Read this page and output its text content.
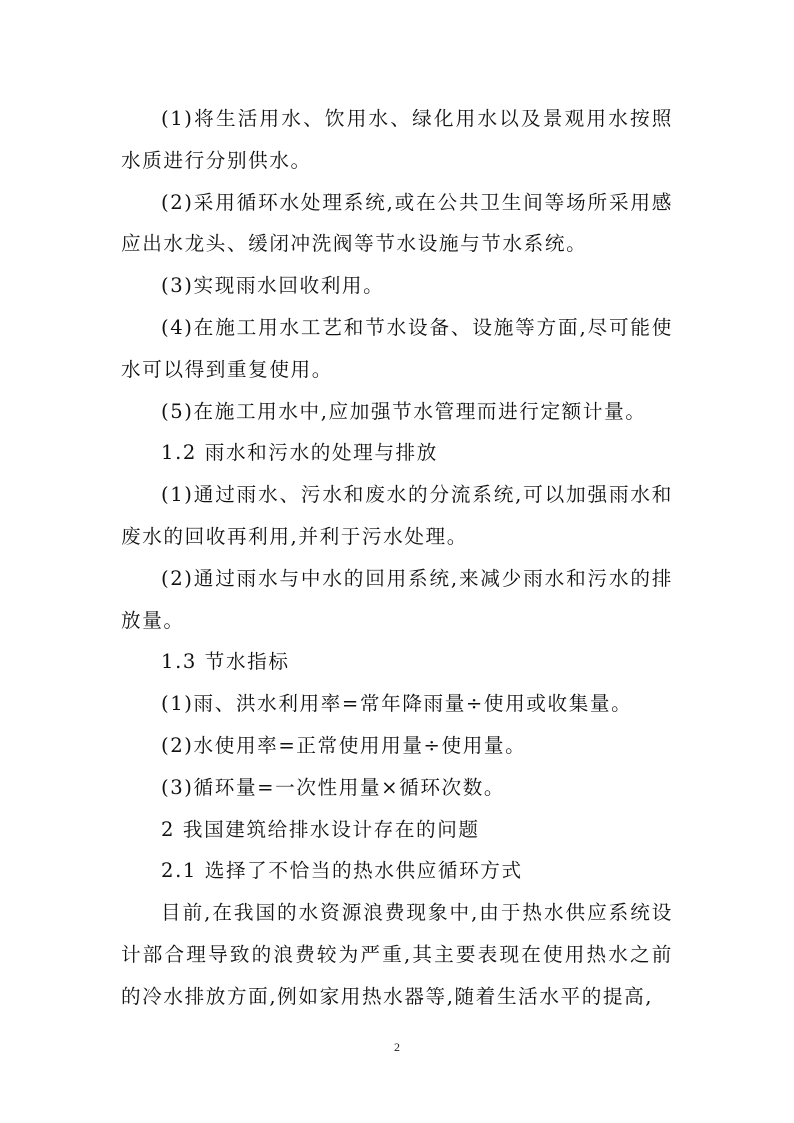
(1)将生活用水、饮用水、绿化用水以及景观用水按照水质进行分别供水。

(2)采用循环水处理系统,或在公共卫生间等场所采用感应出水龙头、缓闭冲洗阀等节水设施与节水系统。

(3)实现雨水回收利用。

(4)在施工用水工艺和节水设备、设施等方面,尽可能使水可以得到重复使用。

(5)在施工用水中,应加强节水管理而进行定额计量。

1.2 雨水和污水的处理与排放

(1)通过雨水、污水和废水的分流系统,可以加强雨水和废水的回收再利用,并利于污水处理。

(2)通过雨水与中水的回用系统,来减少雨水和污水的排放量。

1.3 节水指标

(1)雨、洪水利用率=常年降雨量÷使用或收集量。

(2)水使用率=正常使用用量÷使用量。

(3)循环量=一次性用量×循环次数。

2 我国建筑给排水设计存在的问题

2.1 选择了不恰当的热水供应循环方式

目前,在我国的水资源浪费现象中,由于热水供应系统设计部合理导致的浪费较为严重,其主要表现在使用热水之前的冷水排放方面,例如家用热水器等,随着生活水平的提高,

2
